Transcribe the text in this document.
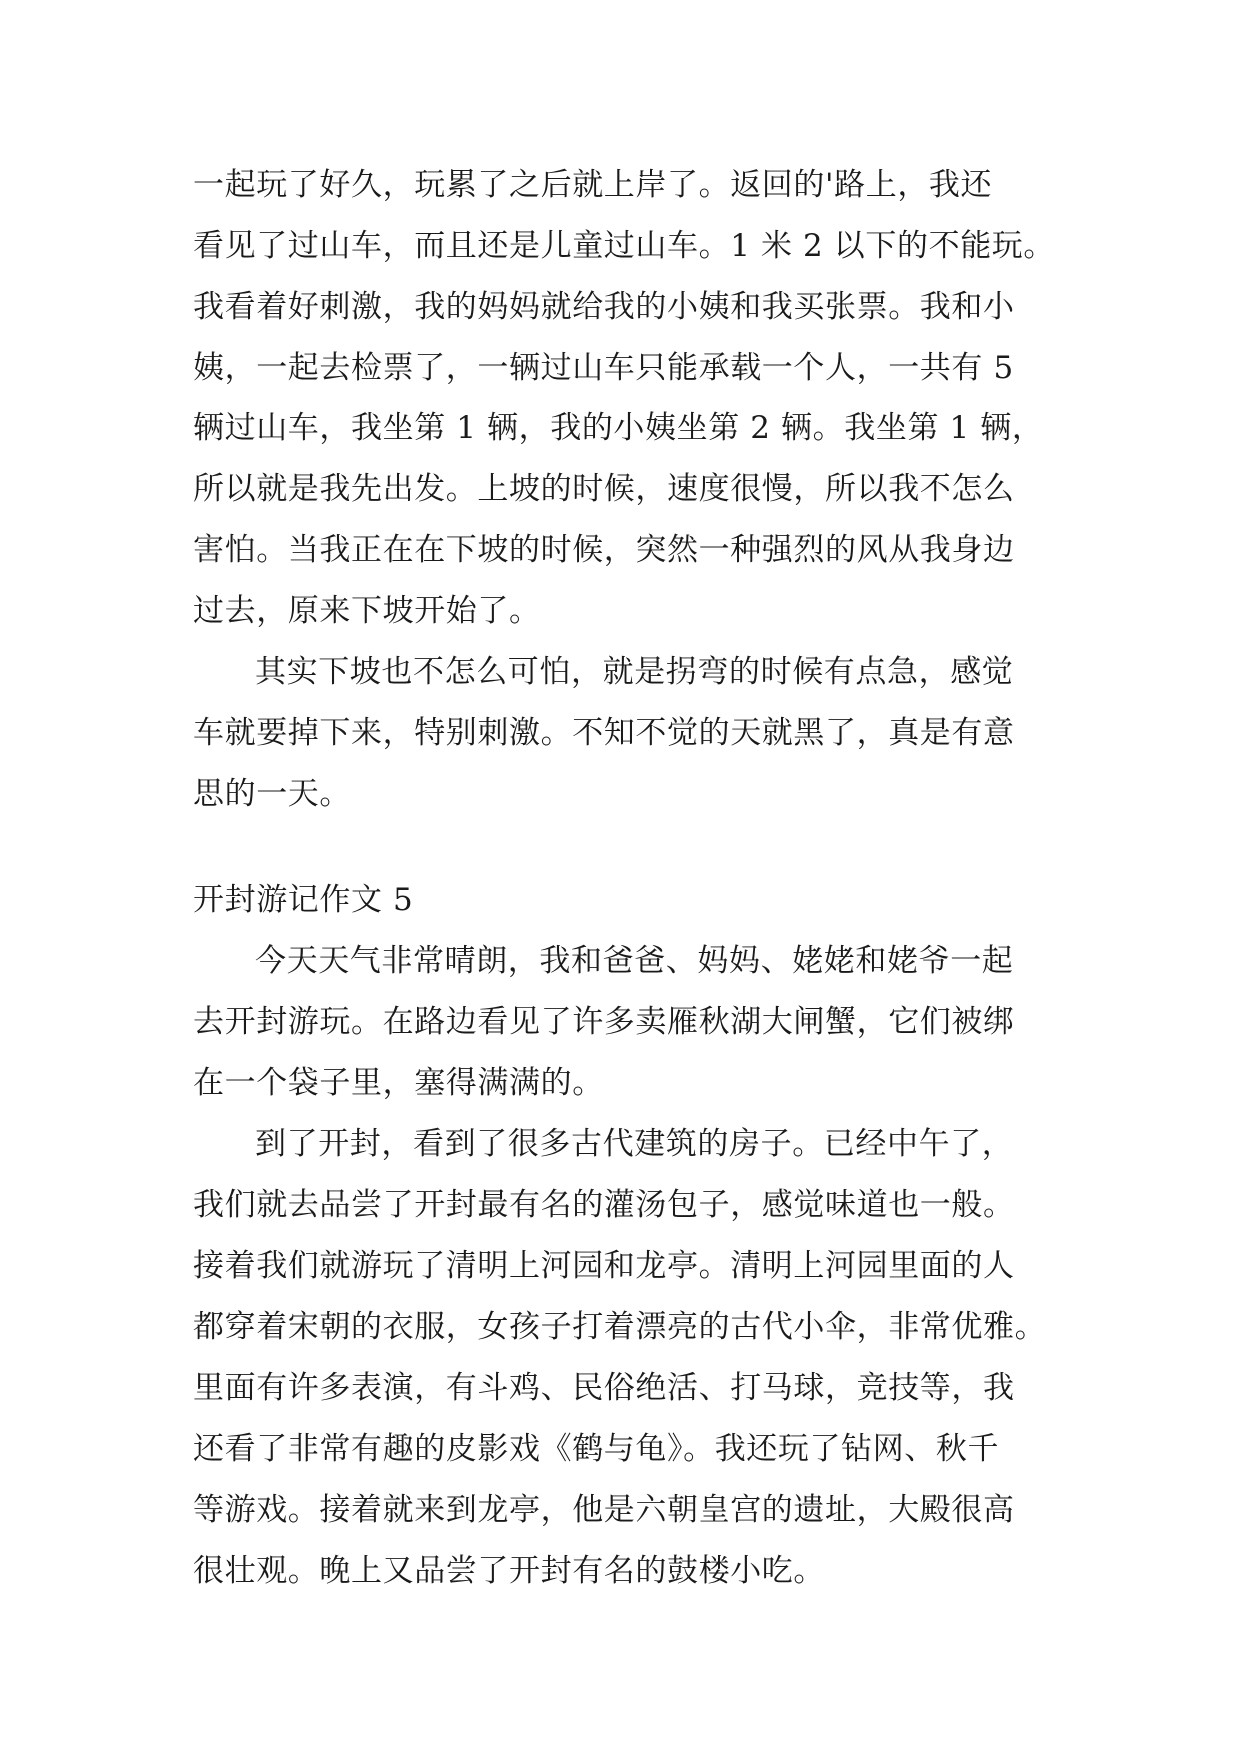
一起玩了好久，玩累了之后就上岸了。返回的'路上，我还
看见了过山车，而且还是儿童过山车。1 米 2 以下的不能玩。
我看着好刺激，我的妈妈就给我的小姨和我买张票。我和小
姨，一起去检票了，一辆过山车只能承载一个人，一共有 5
辆过山车，我坐第 1 辆，我的小姨坐第 2 辆。我坐第 1 辆，
所以就是我先出发。上坡的时候，速度很慢，所以我不怎么
害怕。当我正在在下坡的时候，突然一种强烈的风从我身边
过去，原来下坡开始了。
其实下坡也不怎么可怕，就是拐弯的时候有点急，感觉
车就要掉下来，特别刺激。不知不觉的天就黑了，真是有意
思的一天。
开封游记作文 5
今天天气非常晴朗，我和爸爸、妈妈、姥姥和姥爷一起
去开封游玩。在路边看见了许多卖雁秋湖大闸蟹，它们被绑
在一个袋子里，塞得满满的。
到了开封，看到了很多古代建筑的房子。已经中午了，
我们就去品尝了开封最有名的灌汤包子，感觉味道也一般。
接着我们就游玩了清明上河园和龙亭。清明上河园里面的人
都穿着宋朝的衣服，女孩子打着漂亮的古代小伞，非常优雅。
里面有许多表演，有斗鸡、民俗绝活、打马球，竞技等，我
还看了非常有趣的皮影戏《鹤与龟》。我还玩了钻网、秋千
等游戏。接着就来到龙亭，他是六朝皇宫的遗址，大殿很高
很壮观。晚上又品尝了开封有名的鼓楼小吃。
